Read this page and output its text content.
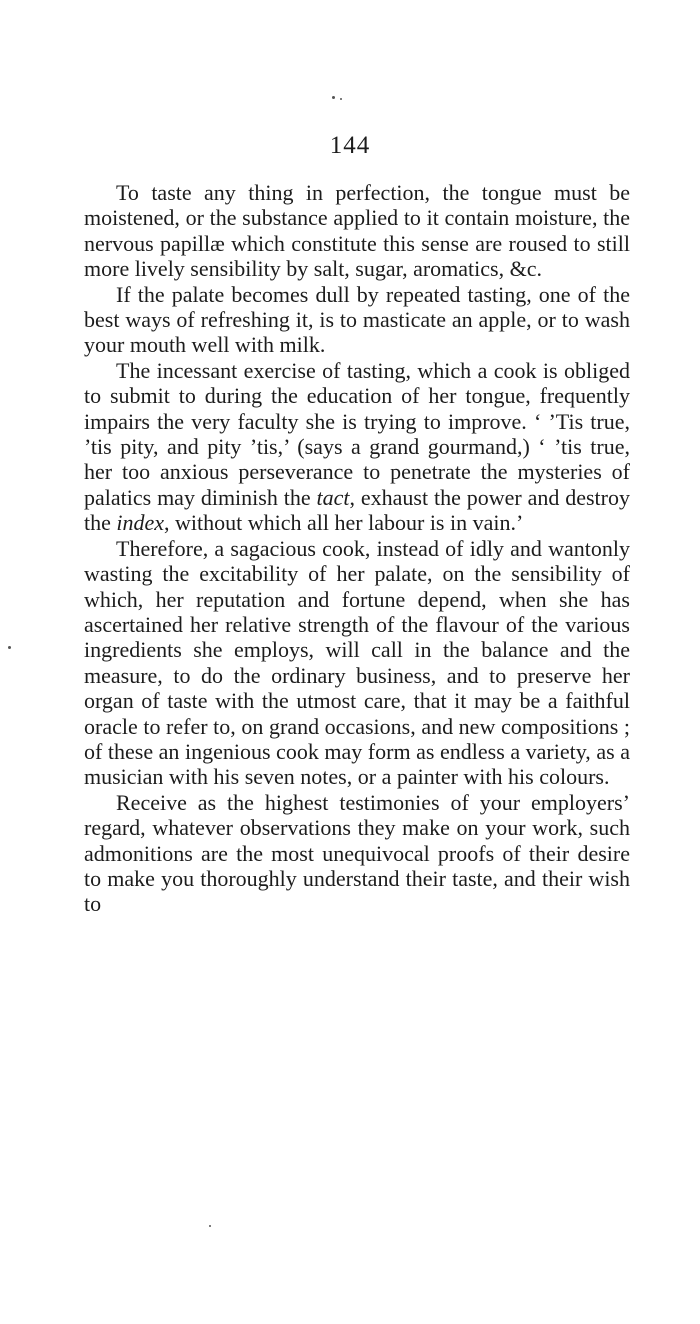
144

To taste any thing in perfection, the tongue must be moistened, or the substance applied to it contain moisture, the nervous papillæ which constitute this sense are roused to still more lively sensibility by salt, sugar, aromatics, &c.

If the palate becomes dull by repeated tasting, one of the best ways of refreshing it, is to masticate an apple, or to wash your mouth well with milk.

The incessant exercise of tasting, which a cook is obliged to submit to during the education of her tongue, frequently impairs the very faculty she is trying to improve. ‘ ’Tis true, ’tis pity, and pity ’tis,’ (says a grand gourmand,) ‘ ’tis true, her too anxious perseverance to penetrate the mysteries of palatics may diminish the tact, exhaust the power and destroy the index, without which all her labour is in vain.’

Therefore, a sagacious cook, instead of idly and wantonly wasting the excitability of her palate, on the sensibility of which, her reputation and fortune depend, when she has ascertained her relative strength of the flavour of the various ingredients she employs, will call in the balance and the measure, to do the ordinary business, and to preserve her organ of taste with the utmost care, that it may be a faithful oracle to refer to, on grand occasions, and new compositions ; of these an ingenious cook may form as endless a variety, as a musician with his seven notes, or a painter with his colours.

Receive as the highest testimonies of your employers’ regard, whatever observations they make on your work, such admonitions are the most unequivocal proofs of their desire to make you thoroughly understand their taste, and their wish to
